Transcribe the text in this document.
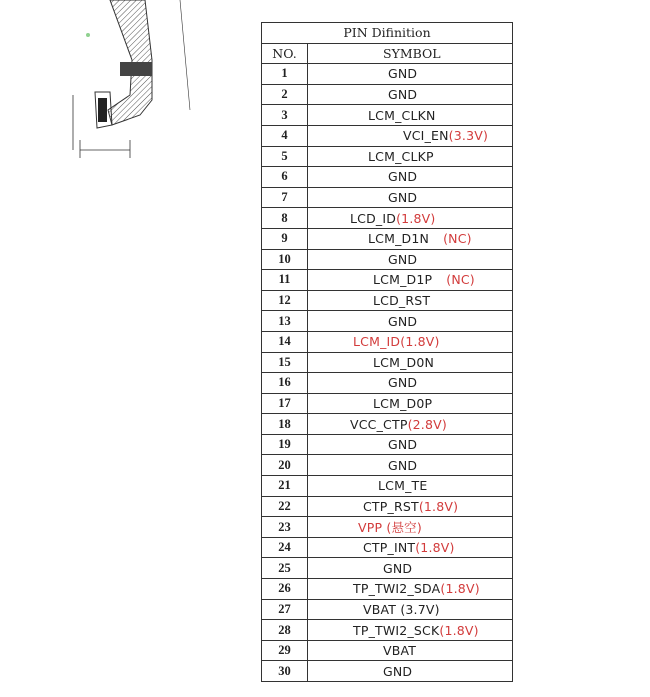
PIN Difinition	
NO.	SYMBOL
1	GND
2	GND
3	LCM_CLKN
4	VCI_EN(3.3V)
5	LCM_CLKP
6	GND
7	GND
8	LCD_ID(1.8V)
9	LCM_D1N (NC)
10	GND
11	LCM_D1P (NC)
12	LCD_RST
13	GND
14	LCM_ID(1.8V)
15	LCM_D0N
16	GND
17	LCM_D0P
18	VCC_CTP(2.8V)
19	GND
20	GND
21	LCM_TE
22	CTP_RST(1.8V)
23	VPP (悬空)
24	CTP_INT(1.8V)
25	GND
26	TP_TWI2_SDA(1.8V)
27	VBAT (3.7V)
28	TP_TWI2_SCK(1.8V)
29	VBAT
30	GND
